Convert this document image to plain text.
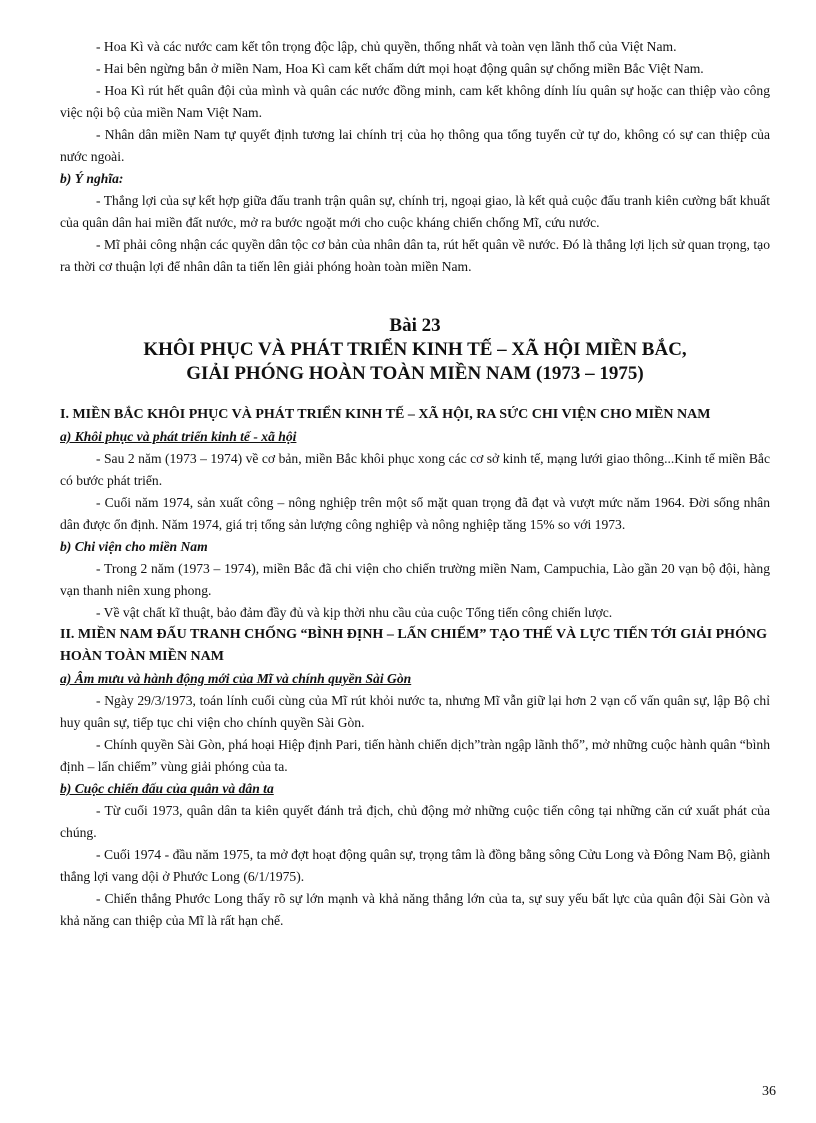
- Hoa Kì và các nước cam kết tôn trọng độc lập, chủ quyền, thống nhất và toàn vẹn lãnh thổ của Việt Nam.

- Hai bên ngừng bắn ở miền Nam, Hoa Kì cam kết chấm dứt mọi hoạt động quân sự chống miền Bắc Việt Nam.

- Hoa Kì rút hết quân đội của mình và quân các nước đồng minh, cam kết không dính líu quân sự hoặc can thiệp vào công việc nội bộ của miền Nam Việt Nam.

- Nhân dân miền Nam tự quyết định tương lai chính trị của họ thông qua tổng tuyển cử tự do, không có sự can thiệp của nước ngoài.

b) Ý nghĩa:

- Thắng lợi của sự kết hợp giữa đấu tranh trận quân sự, chính trị, ngoại giao, là kết quả cuộc đấu tranh kiên cường bất khuất của quân dân hai miền đất nước, mở ra bước ngoặt mới cho cuộc kháng chiến chống Mĩ, cứu nước.

- Mĩ phải công nhận các quyền dân tộc cơ bản của nhân dân ta, rút hết quân về nước. Đó là thắng lợi lịch sử quan trọng, tạo ra thời cơ thuận lợi để nhân dân ta tiến lên giải phóng hoàn toàn miền Nam.

Bài 23
KHÔI PHỤC VÀ PHÁT TRIỂN KINH TẾ – XÃ HỘI MIỀN BẮC,
GIẢI PHÓNG HOÀN TOÀN MIỀN NAM (1973 – 1975)

I. MIỀN BẮC KHÔI PHỤC VÀ PHÁT TRIỂN KINH TẾ – XÃ HỘI, RA SỨC CHI VIỆN CHO MIỀN NAM

a) Khôi phục và phát triển kinh tế - xã hội

- Sau 2 năm (1973 – 1974) về cơ bản, miền Bắc khôi phục xong các cơ sở kinh tế, mạng lưới giao thông...Kinh tế miền Bắc có bước phát triển.

- Cuối năm 1974, sản xuất công – nông nghiệp trên một số mặt quan trọng đã đạt và vượt mức năm 1964. Đời sống nhân dân được ổn định. Năm 1974, giá trị tổng sản lượng công nghiệp và nông nghiệp tăng 15% so với 1973.

b) Chi viện cho miền Nam

- Trong 2 năm (1973 – 1974), miền Bắc đã chi viện cho chiến trường miền Nam, Campuchia, Lào gần 20 vạn bộ đội, hàng vạn thanh niên xung phong.

- Về vật chất kĩ thuật, bảo đảm đầy đủ và kịp thời nhu cầu của cuộc Tổng tiến công chiến lược.

II. MIỀN NAM ĐẤU TRANH CHỐNG “BÌNH ĐỊNH – LẤN CHIẾM” TẠO THẾ VÀ LỰC TIẾN TỚI GIẢI PHÓNG HOÀN TOÀN MIỀN NAM

a) Âm mưu và hành động mới của Mĩ và chính quyền Sài Gòn

- Ngày 29/3/1973, toán lính cuối cùng của Mĩ rút khỏi nước ta, nhưng Mĩ vẫn giữ lại hơn 2 vạn cố vấn quân sự, lập Bộ chỉ huy quân sự, tiếp tục chi viện cho chính quyền Sài Gòn.

- Chính quyền Sài Gòn, phá hoại Hiệp định Pari, tiến hành chiến dịch”tràn ngập lãnh thổ”, mở những cuộc hành quân “bình định – lấn chiếm” vùng giải phóng của ta.

b) Cuộc chiến đấu của quân và dân ta

- Từ cuối 1973, quân dân ta kiên quyết đánh trả địch, chủ động mở những cuộc tiến công tại những căn cứ xuất phát của chúng.

- Cuối 1974 - đầu năm 1975, ta mở đợt hoạt động quân sự, trọng tâm là đồng bằng sông Cửu Long và Đông Nam Bộ, giành thắng lợi vang dội ở Phước Long (6/1/1975).

- Chiến thắng Phước Long thấy rõ sự lớn mạnh và khả năng thắng lớn của ta, sự suy yếu bất lực của quân đội Sài Gòn và khả năng can thiệp của Mĩ là rất hạn chế.

36
